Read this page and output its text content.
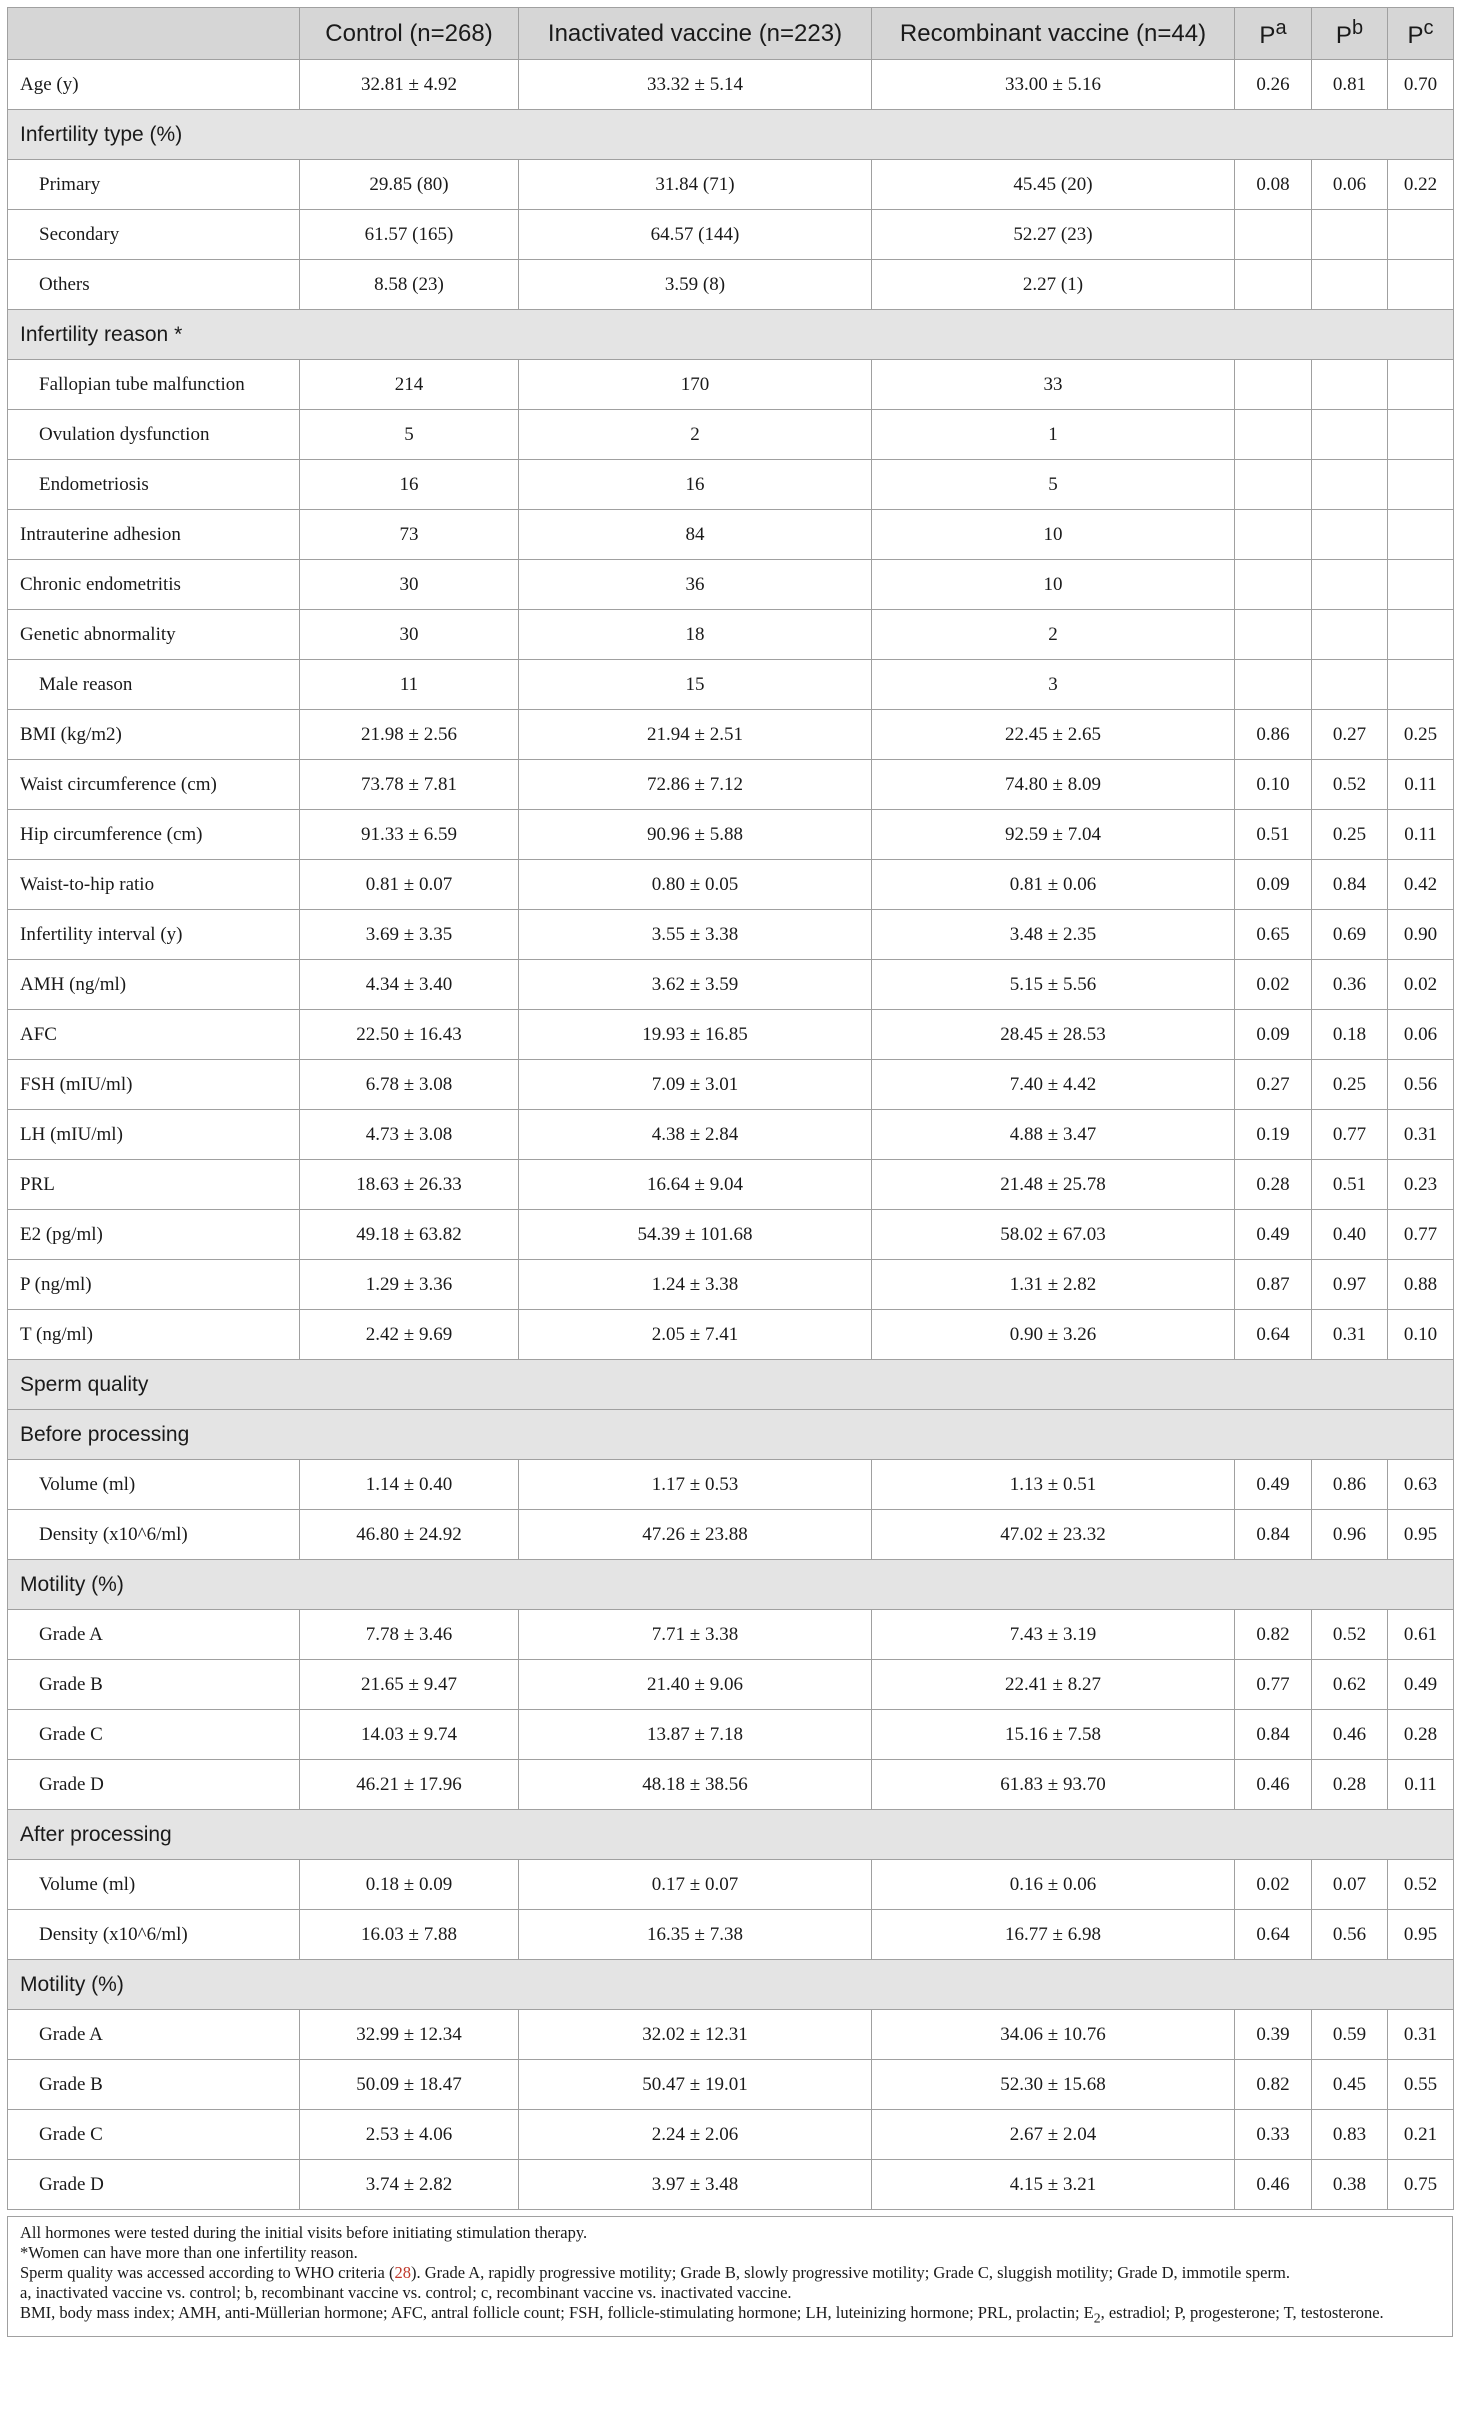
	Control (n=268)	Inactivated vaccine (n=223)	Recombinant vaccine (n=44)	$P^a$	$P^b$	$P^c$
Age (y)	32.81 ± 4.92	33.32 ± 5.14	33.00 ± 5.16	0.26	0.81	0.70
Infertility type (%)						
Primary	29.85 (80)	31.84 (71)	45.45 (20)	0.08	0.06	0.22
Secondary	61.57 (165)	64.57 (144)	52.27 (23)			
Others	8.58 (23)	3.59 (8)	2.27 (1)			
Infertility reason *						
Fallopian tube malfunction	214	170	33			
Ovulation dysfunction	5	2	1			
Endometriosis	16	16	5			
Intrauterine adhesion	73	84	10			
Chronic endometritis	30	36	10			
Genetic abnormality	30	18	2			
Male reason	11	15	3			
BMI (kg/m2)	21.98 ± 2.56	21.94 ± 2.51	22.45 ± 2.65	0.86	0.27	0.25
Waist circumference (cm)	73.78 ± 7.81	72.86 ± 7.12	74.80 ± 8.09	0.10	0.52	0.11
Hip circumference (cm)	91.33 ± 6.59	90.96 ± 5.88	92.59 ± 7.04	0.51	0.25	0.11
Waist-to-hip ratio	0.81 ± 0.07	0.80 ± 0.05	0.81 ± 0.06	0.09	0.84	0.42
Infertility interval (y)	3.69 ± 3.35	3.55 ± 3.38	3.48 ± 2.35	0.65	0.69	0.90
AMH (ng/ml)	4.34 ± 3.40	3.62 ± 3.59	5.15 ± 5.56	0.02	0.36	0.02
AFC	22.50 ± 16.43	19.93 ± 16.85	28.45 ± 28.53	0.09	0.18	0.06
FSH (mIU/ml)	6.78 ± 3.08	7.09 ± 3.01	7.40 ± 4.42	0.27	0.25	0.56
LH (mIU/ml)	4.73 ± 3.08	4.38 ± 2.84	4.88 ± 3.47	0.19	0.77	0.31
PRL	18.63 ± 26.33	16.64 ± 9.04	21.48 ± 25.78	0.28	0.51	0.23
E2 (pg/ml)	49.18 ± 63.82	54.39 ± 101.68	58.02 ± 67.03	0.49	0.40	0.77
P (ng/ml)	1.29 ± 3.36	1.24 ± 3.38	1.31 ± 2.82	0.87	0.97	0.88
T (ng/ml)	2.42 ± 9.69	2.05 ± 7.41	0.90 ± 3.26	0.64	0.31	0.10
Sperm quality						
Before processing						
Volume (ml)	1.14 ± 0.40	1.17 ± 0.53	1.13 ± 0.51	0.49	0.86	0.63
Density (x10^6/ml)	46.80 ± 24.92	47.26 ± 23.88	47.02 ± 23.32	0.84	0.96	0.95
Motility (%)						
Grade A	7.78 ± 3.46	7.71 ± 3.38	7.43 ± 3.19	0.82	0.52	0.61
Grade B	21.65 ± 9.47	21.40 ± 9.06	22.41 ± 8.27	0.77	0.62	0.49
Grade C	14.03 ± 9.74	13.87 ± 7.18	15.16 ± 7.58	0.84	0.46	0.28
Grade D	46.21 ± 17.96	48.18 ± 38.56	61.83 ± 93.70	0.46	0.28	0.11
After processing						
Volume (ml)	0.18 ± 0.09	0.17 ± 0.07	0.16 ± 0.06	0.02	0.07	0.52
Density (x10^6/ml)	16.03 ± 7.88	16.35 ± 7.38	16.77 ± 6.98	0.64	0.56	0.95
Motility (%)						
Grade A	32.99 ± 12.34	32.02 ± 12.31	34.06 ± 10.76	0.39	0.59	0.31
Grade B	50.09 ± 18.47	50.47 ± 19.01	52.30 ± 15.68	0.82	0.45	0.55
Grade C	2.53 ± 4.06	2.24 ± 2.06	2.67 ± 2.04	0.33	0.83	0.21
Grade D	3.74 ± 2.82	3.97 ± 3.48	4.15 ± 3.21	0.46	0.38	0.75

All hormones were tested during the initial visits before initiating stimulation therapy.

*Women can have more than one infertility reason.

Sperm quality was accessed according to WHO criteria (28). Grade A, rapidly progressive motility; Grade B, slowly progressive motility; Grade C, sluggish motility; Grade D, immotile sperm.

a, inactivated vaccine vs. control; b, recombinant vaccine vs. control; c, recombinant vaccine vs. inactivated vaccine.

BMI, body mass index; AMH, anti-Müllerian hormone; AFC, antral follicle count; FSH, follicle-stimulating hormone; LH, luteinizing hormone; PRL, prolactin; $E_2$, estradiol; P, progesterone; T, testosterone.
